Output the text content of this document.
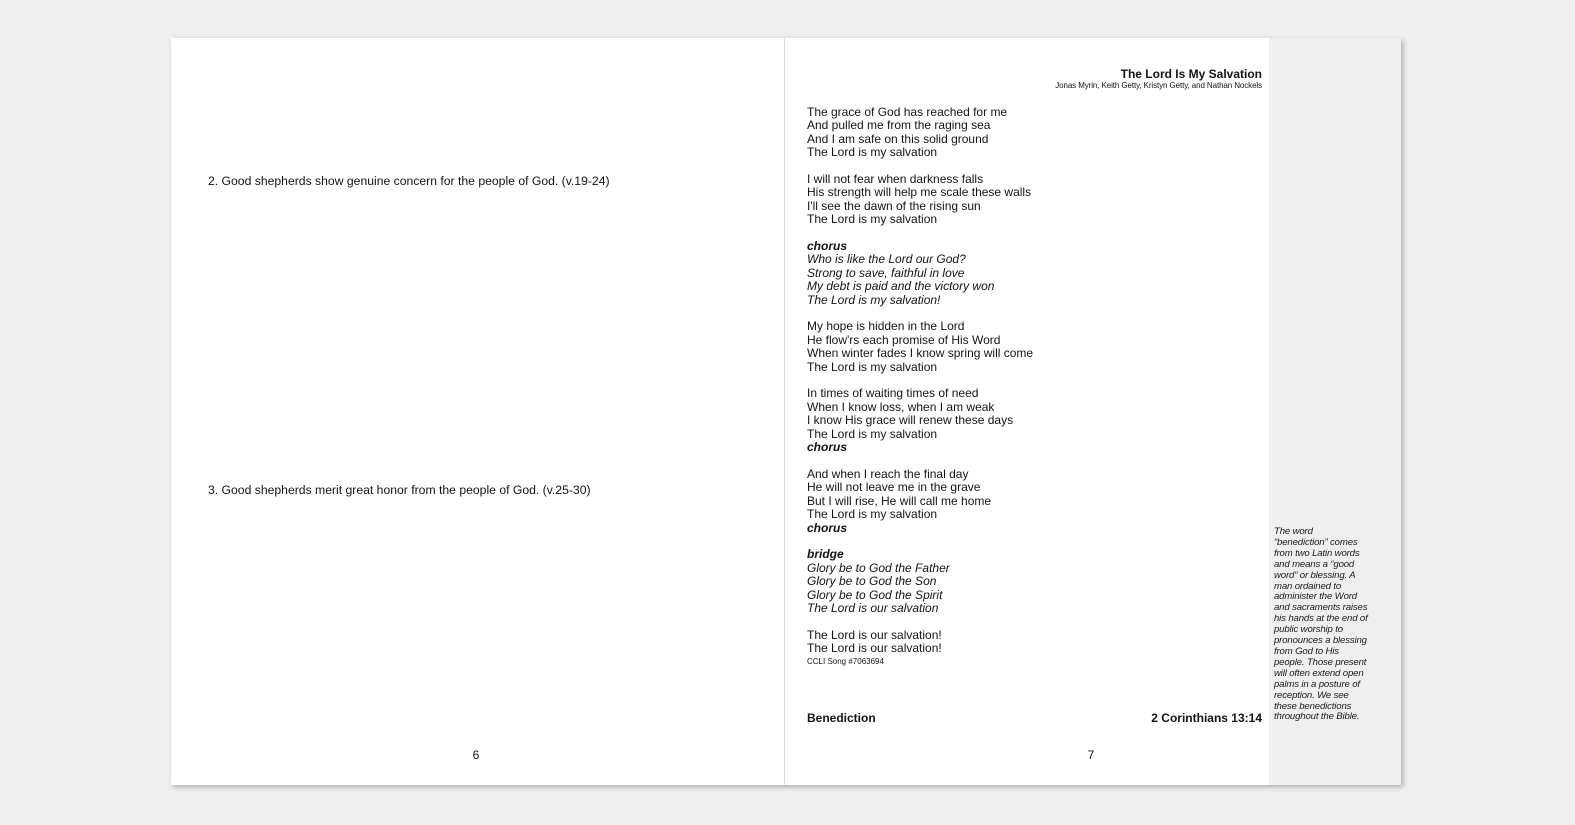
2. Good shepherds show genuine concern for the people of God. (v.19-24)
3. Good shepherds merit great honor from the people of God. (v.25-30)
6
The Lord Is My Salvation
Jonas Myrin, Keith Getty, Kristyn Getty, and Nathan Nockels
The grace of God has reached for me
And pulled me from the raging sea
And I am safe on this solid ground
The Lord is my salvation
I will not fear when darkness falls
His strength will help me scale these walls
I'll see the dawn of the rising sun
The Lord is my salvation
chorus
Who is like the Lord our God?
Strong to save, faithful in love
My debt is paid and the victory won
The Lord is my salvation!
My hope is hidden in the Lord
He flow'rs each promise of His Word
When winter fades I know spring will come
The Lord is my salvation
In times of waiting times of need
When I know loss, when I am weak
I know His grace will renew these days
The Lord is my salvation
chorus
And when I reach the final day
He will not leave me in the grave
But I will rise, He will call me home
The Lord is my salvation
chorus
bridge
Glory be to God the Father
Glory be to God the Son
Glory be to God the Spirit
The Lord is our salvation
The Lord is our salvation!
The Lord is our salvation!
CCLI Song #7063694
Benediction	2 Corinthians 13:14
7
The word
“benediction” comes
from two Latin words
and means a “good
word” or blessing. A
man ordained to
administer the Word
and sacraments raises
his hands at the end of
public worship to
pronounces a blessing
from God to His
people. Those present
will often extend open
palms in a posture of
reception. We see
these benedictions
throughout the Bible.
